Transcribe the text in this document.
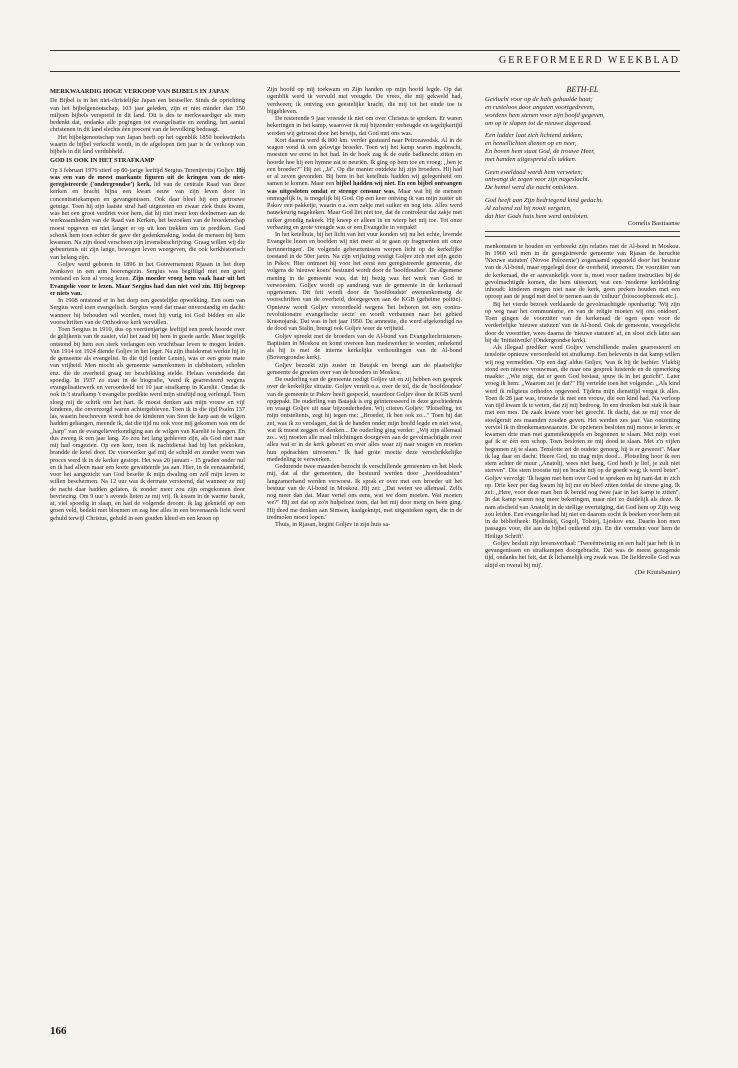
GEREFORMEERD WEEKBLAD
MERKWAARDIG HOGE VERKOOP VAN BIJBELS IN JAPAN

De Bijbel is in het niet-christelijke Japan een bestseller. Sinds de oprichting van het bijbelgenootschap, 103 jaar geleden, zijn er niet minder dan 150 miljoen bijbels verspreid in dit land. Dit is des te merkwaardiger als men bedenkt dat, ondanks alle pogingen tot evangelisatie en zending, het aantal christenen in dit land slechts één procent van de bevolking bedraagt.

Het bijbelgenootschap van Japan heeft op het ogenblik 1850 boekwinkels waarin de bijbel verkocht wordt, in de afgelopen tien jaar is de verkoop van bijbels in dit land verdubbeld.

GOD IS OOK IN HET STRAFKAMP

Op 3 februari 1976 stierf op 80-jarige leeftijd Sergius Terentjevitsj Goljev. Hij was een van de meest markante figuren uit de kringen van de niet-geregistreerde ('ondergrondse') kerk, lid van de centrale Raad van deze kerken en bracht bijna een kwart eeuw van zijn leven door in concentratiekampen en gevangenissen. Ook daar bleef hij een getrouwe getuige. Toen hij zijn laatste straf had uitgezeten en zwaar ziek thuis kwam, was het een groot verdriet voor hem, dat hij niet meer kon deelnemen aan de werkzaamheden van de Raad van Kerken, het bezoeken van de broederschap moest opgeven en niet langer er op uit kon trekken om te prediken. God schonk hem toen echter de gave der gedenkmaking, zodat de mensen bij hem kwamen. Na zijn dood verscheen zijn levensbeschrijving. Graag willen wij die gebeurtenis uit zijn lange, bewogen leven weergeven, die ook kerkhistorisch van belang zijn.

Goljev werd geboren in 1896 in het Gouvernement Rjasan in het dorp Ivankovo in een arm boerengezin. Sergius was begiftigd met een goed verstand en kon al vroeg lezen. Zijn moeder vroeg hem vaak haar uit het Evangelie voor te lezen. Maar Sergius had dan niet veel zin. Hij begreep er niets van.

In 1908 ontstond er in het dorp een geestelijke opwekking. Een oom van Sergius werd toen evangelisch. Sergius vond dat maar onverstandig en dacht: wanneer hij behouden wil worden, moet hij vurig tot God bidden en alle voorschriften van de Orthodoxe kerk vervullen.

Toen Sergius in 1910, dus op veertienjarige leeftijd een preek hoorde over de gelijkenis van de zaaier, viel het zaad bij hem in goede aarde. Maar tegelijk ontstond bij hem een sterk verlangen een vruchtbaar leven te mogen leiden. Van 1914 tot 1924 diende Goljev in het leger. Na zijn thuiskomst werkte hij in de gemeente als evangelist. In die tijd (onder Lenin), was er een grote mate van vrijheid. Men mocht als gemeente samenkomen in clubhuizen, scholen enz. die de overheid graag ter beschikking stelde. Helaas veranderde dat spoedig. In 1937 zo staat in de biografie, 'werd ik gearresteerd wegens evangelisatiewerk en veroordeeld tot 10 jaar strafkamp in Karelië. Omdat ik ook in 't strafkamp 't evangelie predikte werd mijn straftijd nog verlengd. Toen sloeg mij de schrik om het hart. Ik moest denken aan mijn vrouw en vijf kinderen, die onverzorgd waren achtergebleven. Toen ik in die tijd Psalm 137 las, waarin beschreven wordt hoe de kinderen van Sion de harp aan de wilgen hadden gehangen, meende ik, dat die tijd nu ook voor mij gekomen was om de ,,harp" van de evangelieverkondiging aan de wilgen van Karelië te hangen. En dus zweeg ik een jaar lang. Zo zou het lang gebleven zijn, als God niet naar mij had omgezien. Op een keer, toen ik nachtdienst had bij het pekkoken, brandde de ketel door. De voorwerker gaf mij de schuld en zonder vorm van proces werd ik in de kerker gestopt. Het was 20 januari - 15 graden onder nul en ik had alleen maar een korte gewatteerde jas aan. Hier, in de eenzaamheid, voor het aangezicht van God besefte ik mijn dwaling om zelf mijn leven te willen beschermen. Na 12 uur was ik dermate versteend, dat wanneer ze mij de nacht daar hadden gelaten, ik zonder meer zou zijn omgekomen door bevriezing. Om 9 uur 's avonds lieten ze mij vrij. Ik kwam in de warme barak, at, viel spoedig in slaap, en had de volgende droom: ik lag geknield op een groen veld, bedekt met bloemen en zag hoe alles in een bovenaards licht werd gehuld terwijl Christus, gehuld in een gouden kleed en een kroon op

Zijn hoofd op mij toekwam en Zijn handen op mijn hoofd legde. Op dat ogenblik werd ik vervuld met vreugde. De vrees, die mij gekweld had, verdween; ik ontving een geestelijke kracht, die mij tot het einde toe is bijgebleven.

De resterende 9 jaar vreesde ik niet om over Christus te spreken. Er waren bekeringen in het kamp, waarover ik mij bijzonder verheugde en tegelijkertijd werden wij getroost door het bewijs, dat God met ons was.

Kort daarna werd ik 800 km. verder gestuurd naar Petrozavodsk. Al in de wagon vond ik een gelovige broeder. Toen wij het kamp waren ingebracht, moesten we eerst in het bad. In de hoek zag ik de oude badknecht zitten en hoorde hoe hij een hymne zat te neuriën. Ik ging op hem toe en vroeg: ,,ben je een broeder?" Hij zei ,,Ja". Op die manier ontdekte hij zijn broeders. Hij had er al zeven gevonden. Bij hem in het ketelhuis hadden wij gelegenheid om samen te komen. Maar een bijbel hadden wij niet. En een bijbel ontvangen was uitgesloten omdat er strenge censuur was. Maar wat bij de mensen onmogelijk is, is mogelijk bij God. Op een keer ontving ik van mijn zuster uit Pskov een pakketje, waarin o.a. een zakje met suiker en nog iets. Alles werd nauwkeurig nagekeken. Maar God liet niet toe, dat de controleur dat zakje met suiker grondig nakeek. Hij kneep er alleen in en wierp het mij toe. Tot onze verbazing en grote vreugde was er een Evangelie in verpakt!

In het ketelhuis, bij het licht van het vuur konden wij nu het echte, levende Evangelie lezen en boefden wij niet meer af te gaan op fragmenten uit onze herinneringen'. De volgende gebeurtenissen werpen licht op de kerkelijke toestand in de 50er jaren. Na zijn vrijlating vestigt Goljev zich met zijn gezin in Pskov. Hier ontmoet hij voor het eerst een geregistreerde gemeente, die volgens de 'nieuwe koers' bestuurd wordt door de 'hoofdoudste'. De algemene mening in de gemeente was, dat hij bezig was het werk van God te verwoesten. Goljev wordt op aandrang van de gemeente in de kerkeraad opgenomen. Dit feit wordt door de 'hoofdoudste' overeenkomstig de voorschriften van de overheid, doorgegeven aan de KGB (geheime politie). Opnieuw wordt Goljev veroordeeld wegens 'het behoren tot een contra-revolutionaire evangelische secte' en wordt verbannen naar het gebied Krasnojarsk. Dat was in het jaar 1950. De amnestie, die werd afgekondigd na de dood van Stalin, brengt ook Goljev weer de vrijheid.

Goljev spreekt met de broeders van de Al-bond van Evangeliechristenen-Baptisten in Moskou en komt overeen hun medewerker te worden, onbekend als hij is met de interne kerkelijke verhoudingen van de Al-bond (Bovengrondse kerk).

Goljev bezoekt zijn zuster in Batajsk en brengt aan de plaatselijke gemeente de groeten over van de broeders in Moskou.

De ouderling van de gemeente nodigt Goljev uit en zij hebben een gesprek over de kerkelijke situatie. Goljev vertelt o.a. over de tol, die de 'hoofdoudste' van de gemeente te Pskov heeft gespeeld, waardoor Goljev door de KGB werd opgepakt. De ouderling van Batajsk is erg geïnteresseerd in deze geschiedenis en vraagt Goljev uit naar bijzonderheden. Wij citeren Goljev: 'Plotseling, tot mijn ontsteltenis, zegt hij tegen me: ,,Broeder, ik ben ook zo..." Toen hij dat zei, was ik zo verslagen, dat ik de handen onder mijn hoofd legde en niet wist, wat ik moest zeggen of denken... De ouderling ging verder: ,,Wij zijn allemaal zo... wij moeten alle maal inlichtingen doorgeven aan de gevolmachtigde over alles wat er in de kerk gebeurt en over alles waar zij naar vragen en moeten hun opdrachten uitvoeren." Ik had grote moeite deze verschrikkelijke mededeling te verwerken.

Gedurende twee maanden bezocht ik verschillende gemeenten en het bleek mij, dat al die gemeenten, die bestuurd werden door ,,hoofdoudsten" langzamerhand werden verwoest. Ik sprak er over met een broeder uit het bestuur van de Al-bond in Moskou. Hij zei: ,,Dat weten we allemaal. Zelfs nog meer dan dat. Maar vertel ons eens, wat we doen moeten. Wat moeten we?" Hij zei dat op zo'n hulpeloze toon, dat het mij door merg en been ging. Hij deed me denken aan Simson, kaalgeknipt, met uitgestoken ogen, die in de tredmolen moest lopen.'

Thuis, in Rjasan, begint Goljev in zijn huis sa-

BETH-EL
Gevlucht voor op de hals gehaalde haat;
en rusteloos door angsten voortgedreven,
wordens hem stenen voor zijn hoofd gegeven,
om op te slapen tot de nieuwe dageraad.
Een ladder laat zich lichtend zakken;
en hemellichten dienen op en neer,
En boven hem staat God, de trouwe Heer,
met handen uitgespreid als takken.
Geen eweldaad wordt hem verweten;
ontvangt de zegen voor zijn nageslacht.
De hemel werd die nacht ontsloten.
God heeft aan Zijn bedriegend kind gedacht.
Al zalvend zal hij nooit vergeten,
dat hier Gods huis hem werd ontsloten.
Cornelis Bastiaanse

menkomsten te houden en verbreekt zijn relaties met de Al-bond in Moskou. In 1960 wil men in de geregistreerde gemeente van Rjasan de beruchte 'Nieuwe statuten' (Novoe Polozenie') zogenaamd opgesteld door het bestuur van de Al-bond, maar opgelegd door de overheid, invoeren. De voorzitter van de kerkeraad, die er aanvankelijk voor is, moet voor nadere instructies bij de gevolmachtigde komen, die hem uiteenzet, wat een 'moderne kerkleiding' inhoudt: kinderen mogen niet naar de kerk, geen preken houden met een oproep aan de jeugd met deel te nemen aan de 'cultuur' (bioscoopbezoek etc.).

Bij het vierde bezoek verklaarde de gevolmachtigde openhartig: 'Wij zijn op weg naar het communisme, en van de religie moeten wij ons ontdoen'. Toen gingen de voorzitter van de kerkeraad de ogen open voor de verderfelijke 'nieuwe statuten' van de Al-bond. Ook de gemeente, voorgelicht door de voorzitter, wees daarna de 'nieuwe statuten' af, en sloot zich later aan bij de 'Initiativniki' (Ondergrondse kerk).

Als illegaal prediker werd Goljev verschillende malen gearresteerd en tenslotte opnieuw veroordeeld tot strafkamp. Een belevenis in dat kamp willen wij nog vermelden. 'Op een dag' aldus Goljev, 'was ik bij de barbier. Vlakbij stond een nieuwe vrouwman, die naar ons gesprek luisterde en de opmerking maakte: ,,Wie zegt, dat er geen God bestaat, spuw ik in het gezicht". Later vroeg ik hem: ,,Waarom zei je dat?" Hij vertelde toen het volgende: ,,Als kind werd ik religieus orthodox opgevoed. Tijdens mijn diensttijd vergat ik alles. Toen ik 28 jaar was, trouwde ik met een vrouw, die een kind had. Na verloop van tijd kwam ik te weten, dat zij mij bedroog. In een dronken bui stak ik haar met een mes. De zaak kwam voor het gerecht. Ik dacht, dat ze mij voor de stoelgeruit zes maanden zouden geven. Het werden zes jaar. Van ontzetting verviel ik in dronkemanswaanzin. De opzieners besloten mij mores te leren: er kwamen drie man met gummiknuppels en begonnen te slaan. Met mijn voet gaf ik er één een schop. Toen besloten ze mij dood te slaan. Met z'n vijfen begonnen zij te slaan. Tenslotte zei de oudste: genoeg, hij is er geweest". Maar ik lag daar en dacht: Heere God, nu mag mijn dood... Plotseling hoor ik een stem achter de muur ,,Anatolij, wees niet bang, God heeft je lief, je zult niet sterven". Die stem troostte mij en bracht mij op de goede weg; ik werd beter". Goljev vervolgt: 'Ik begon met hem over God te spreken en hij nam dat in zich op. Drie keer per dag kwam hij bij me en bleef zitten totdat de sirene ging. Ik zei: ,,Here, voor deze man ben ik bereid nog twee jaar in het kamp te zitten". In dat kamp waren nog meer bekeringen, maar niet zo duidelijk als deze. Ik nam afscheid van Anatolij in de stellige overtuiging, dat God hem op Zijn weg zou leiden. Een evangelie had hij niet en daarom zocht ik boeken voor hem uit in de bibliotheek: Bjelinskij, Gogolj, Tolstoj, Ljeskov enz. Daarin kon men passages voor, die aan de bijbel ontleend zijn. En die vormden voor hem de Heilige Schrift'.

Goljev besluit zijn levensverhaal: 'Tweeëntwintig en een half jaar heb ik in gevangenissen en strafkampen doorgebracht. Dat was de meest gezegende tijd, ondanks het feit, dat ik lichamelijk erg zwak was. De liefdevolle God was altijd en overal bij mij'.

(De Kruisbanier)
166
